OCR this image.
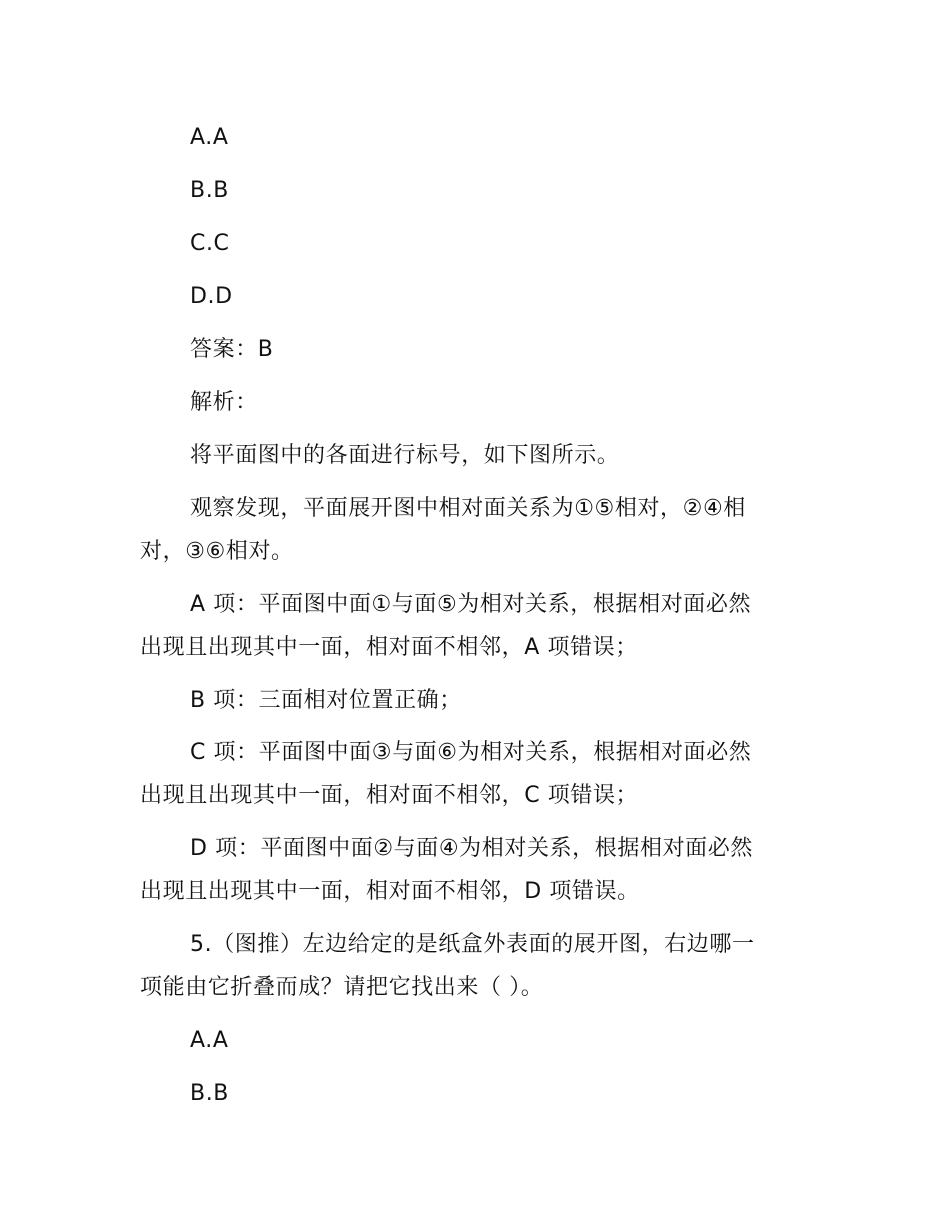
A.A
B.B
C.C
D.D
答案：B
解析：
将平面图中的各面进行标号，如下图所示。
观察发现，平面展开图中相对面关系为①⑤相对，②④相
对，③⑥相对。
A 项：平面图中面①与面⑤为相对关系，根据相对面必然
出现且出现其中一面，相对面不相邻，A 项错误；
B 项：三面相对位置正确；
C 项：平面图中面③与面⑥为相对关系，根据相对面必然
出现且出现其中一面，相对面不相邻，C 项错误；
D 项：平面图中面②与面④为相对关系，根据相对面必然
出现且出现其中一面，相对面不相邻，D 项错误。
5.（图推）左边给定的是纸盒外表面的展开图，右边哪一
项能由它折叠而成？请把它找出来（ ）。
A.A
B.B
